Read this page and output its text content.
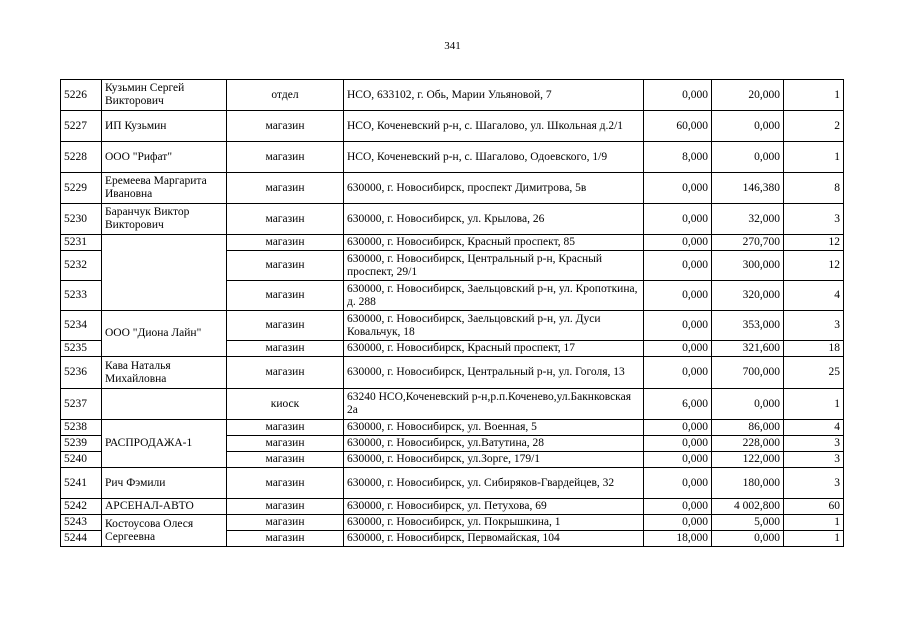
341
5226	Кузьмин Сергей Викторович	отдел	НСО, 633102, г. Обь, Марии Ульяновой, 7	0,000	20,000	1
5227	ИП Кузьмин	магазин	НСО, Коченевский р-н, с. Шагалово, ул. Школьная д.2/1	60,000	0,000	2
5228	ООО "Рифат"	магазин	НСО, Коченевский р-н, с. Шагалово, Одоевского, 1/9	8,000	0,000	1
5229	Еремеева Маргарита Ивановна	магазин	630000, г. Новосибирск, проспект Димитрова, 5в	0,000	146,380	8
5230	Баранчук Виктор Викторович	магазин	630000, г. Новосибирск, ул. Крылова, 26	0,000	32,000	3
5231		магазин	630000, г. Новосибирск, Красный проспект, 85	0,000	270,700	12
5232		магазин	630000, г. Новосибирск, Центральный р-н, Красный проспект, 29/1	0,000	300,000	12
5233		магазин	630000, г. Новосибирск, Заельцовский р-н, ул. Кропоткина, д. 288	0,000	320,000	4
5234	ООО "Диона Лайн"	магазин	630000, г. Новосибирск, Заельцовский р-н, ул. Дуси Ковальчук, 18	0,000	353,000	3
5235		магазин	630000, г. Новосибирск, Красный проспект, 17	0,000	321,600	18
5236	Кава Наталья Михайловна	магазин	630000, г. Новосибирск, Центральный р-н, ул. Гоголя, 13	0,000	700,000	25
5237		киоск	63240 НСО,Коченевский р-н,р.п.Коченево,ул.Бакнковская 2а	6,000	0,000	1
5238	РАСПРОДАЖА-1	магазин	630000, г. Новосибирск, ул. Военная, 5	0,000	86,000	4
5239		магазин	630000, г. Новосибирск, ул.Ватутина, 28	0,000	228,000	3
5240		магазин	630000, г. Новосибирск, ул.Зорге, 179/1	0,000	122,000	3
5241	Рич Фэмили	магазин	630000, г. Новосибирск, ул. Сибиряков-Гвардейцев, 32	0,000	180,000	3
5242	АРСЕНАЛ-АВТО	магазин	630000, г. Новосибирск, ул. Петухова, 69	0,000	4 002,800	60
5243	Костоусова Олеся Сергеевна	магазин	630000, г. Новосибирск, ул. Покрышкина, 1	0,000	5,000	1
5244		магазин	630000, г. Новосибирск, Первомайская, 104	18,000	0,000	1
